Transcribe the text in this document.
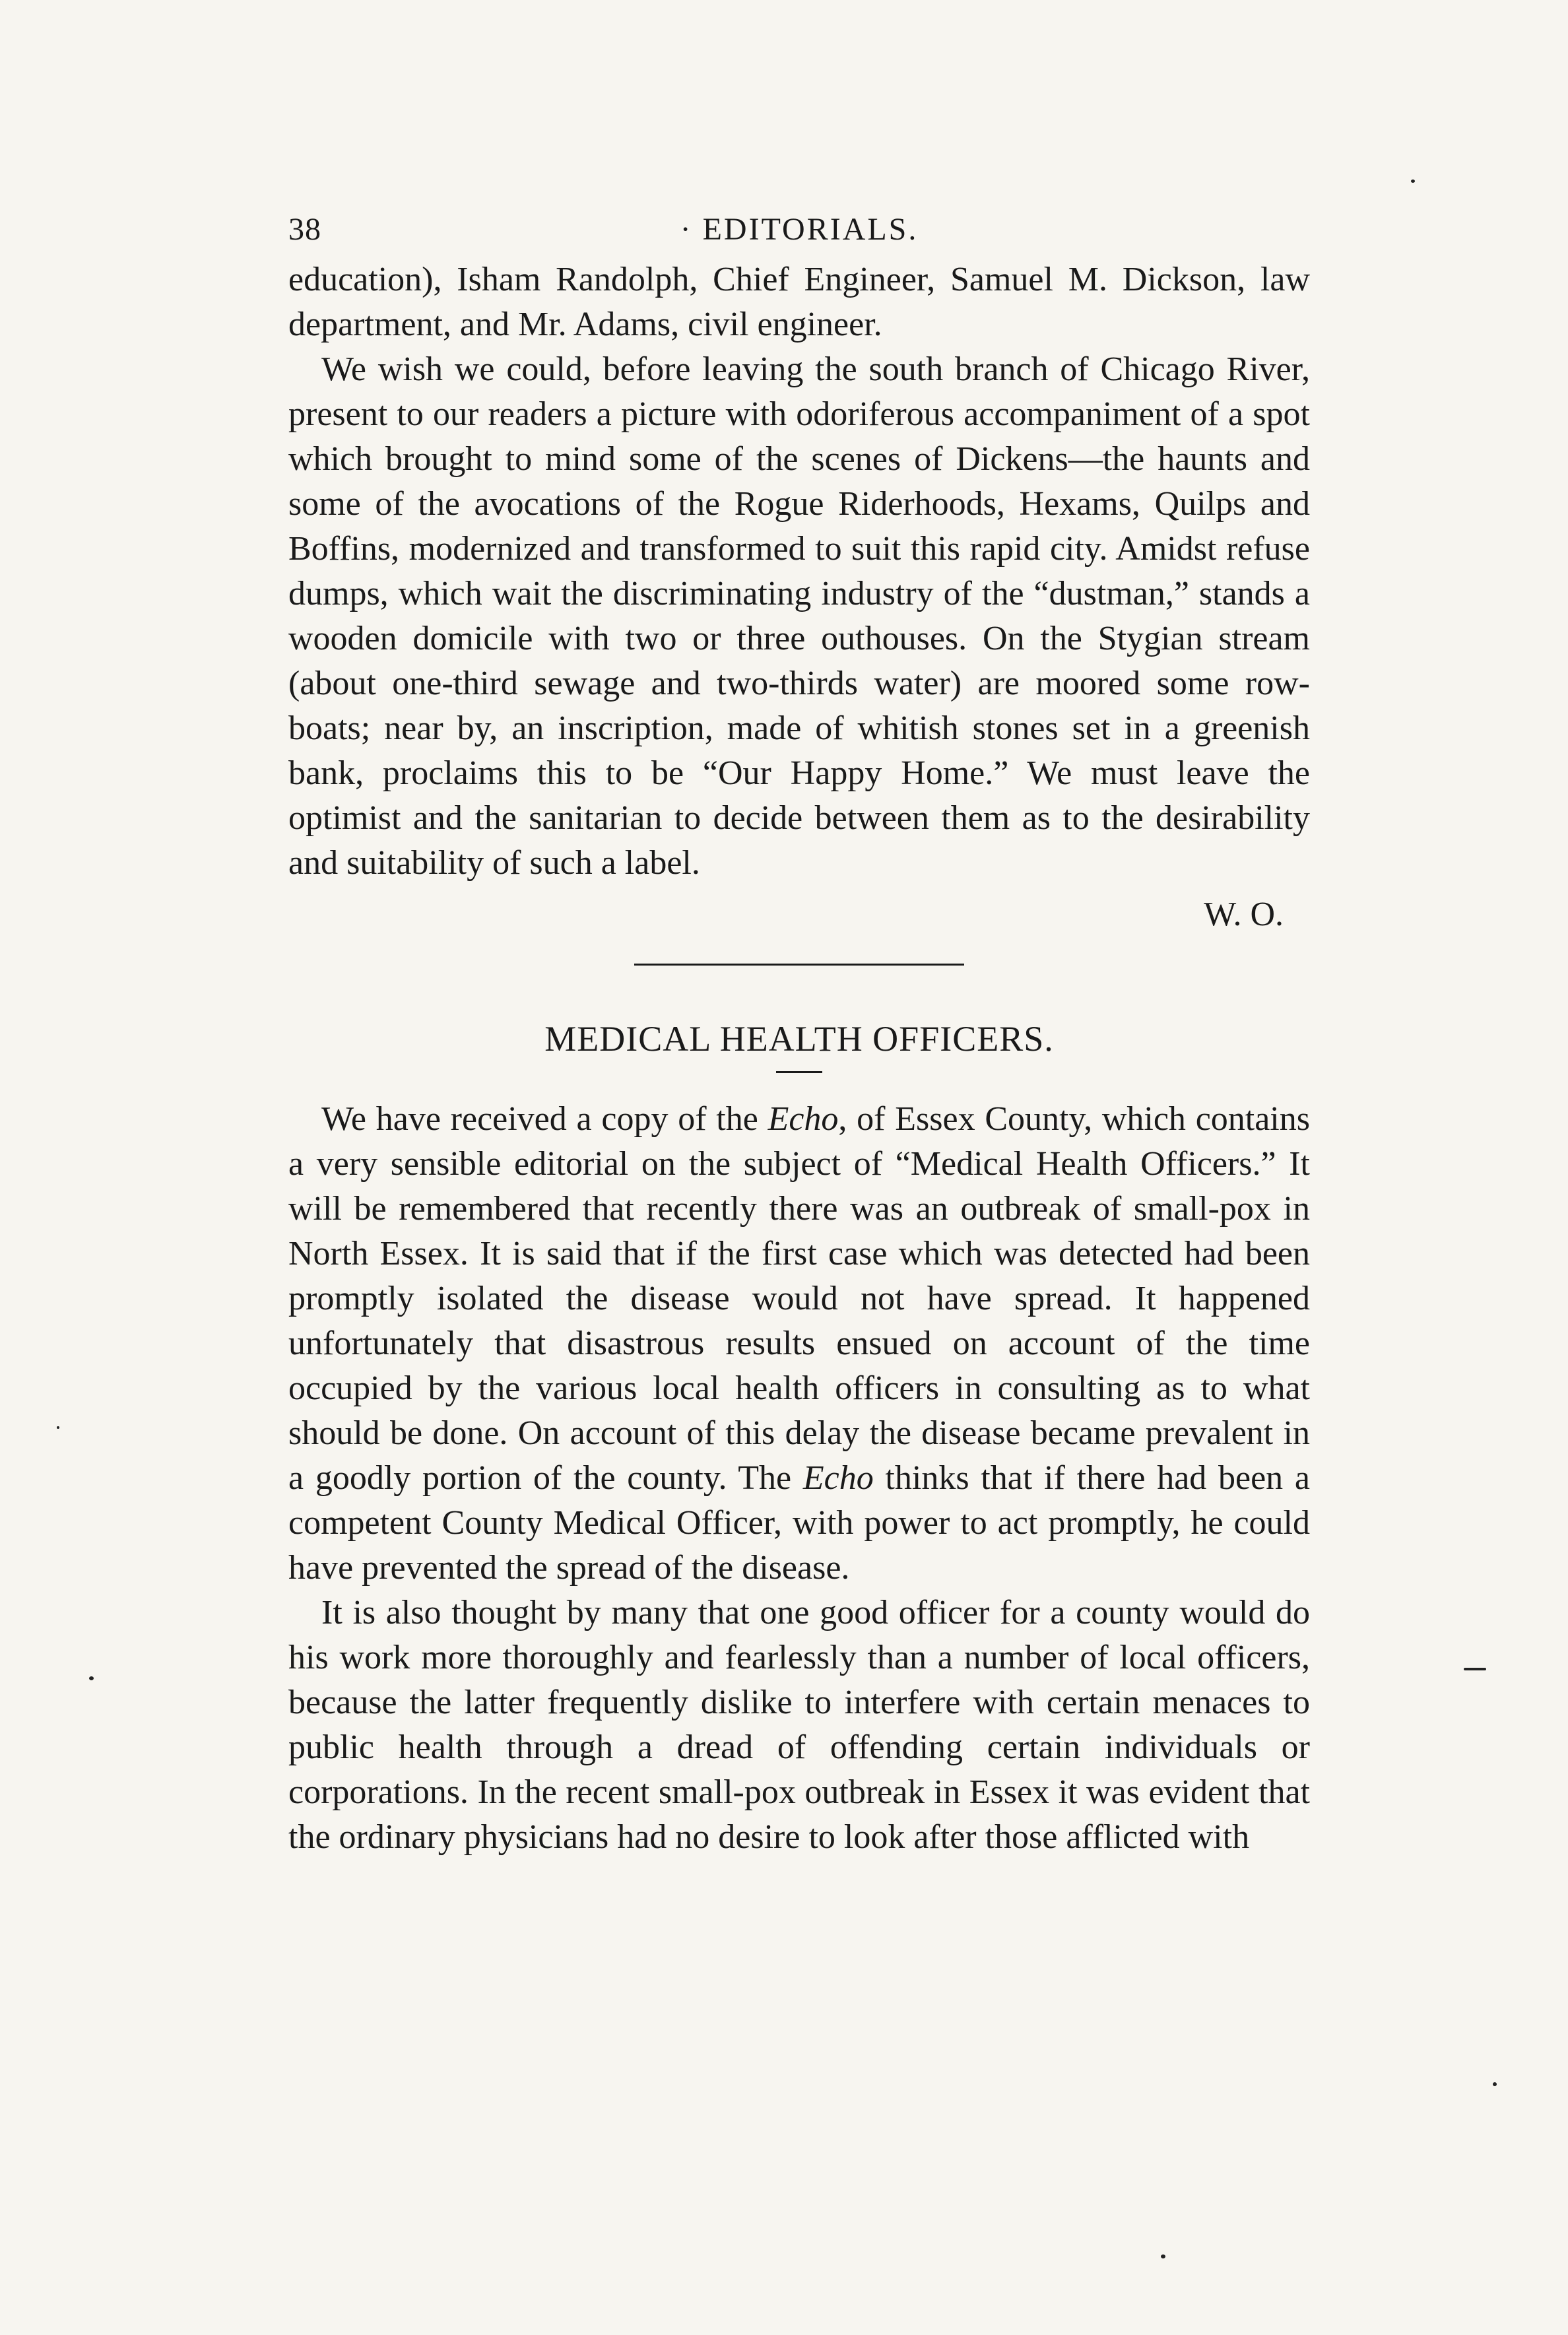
38	· EDITORIALS.

education), Isham Randolph, Chief Engineer, Samuel M. Dickson, law department, and Mr. Adams, civil engineer.

We wish we could, before leaving the south branch of Chicago River, present to our readers a picture with odoriferous accompaniment of a spot which brought to mind some of the scenes of Dickens—the haunts and some of the avocations of the Rogue Riderhoods, Hexams, Quilps and Boffins, modernized and transformed to suit this rapid city. Amidst refuse dumps, which wait the discriminating industry of the “dustman,” stands a wooden domicile with two or three outhouses. On the Stygian stream (about one-third sewage and two-thirds water) are moored some row-boats; near by, an inscription, made of whitish stones set in a greenish bank, proclaims this to be “Our Happy Home.” We must leave the optimist and the sanitarian to decide between them as to the desirability and suitability of such a label.

W. O.
MEDICAL HEALTH OFFICERS.

We have received a copy of the Echo, of Essex County, which contains a very sensible editorial on the subject of “Medical Health Officers.” It will be remembered that recently there was an outbreak of small-pox in North Essex. It is said that if the first case which was detected had been promptly isolated the disease would not have spread. It happened unfortunately that disastrous results ensued on account of the time occupied by the various local health officers in consulting as to what should be done. On account of this delay the disease became prevalent in a goodly portion of the county. The Echo thinks that if there had been a competent County Medical Officer, with power to act promptly, he could have prevented the spread of the disease.

It is also thought by many that one good officer for a county would do his work more thoroughly and fearlessly than a number of local officers, because the latter frequently dislike to interfere with certain menaces to public health through a dread of offending certain individuals or corporations. In the recent small-pox outbreak in Essex it was evident that the ordinary physicians had no desire to look after those afflicted with
